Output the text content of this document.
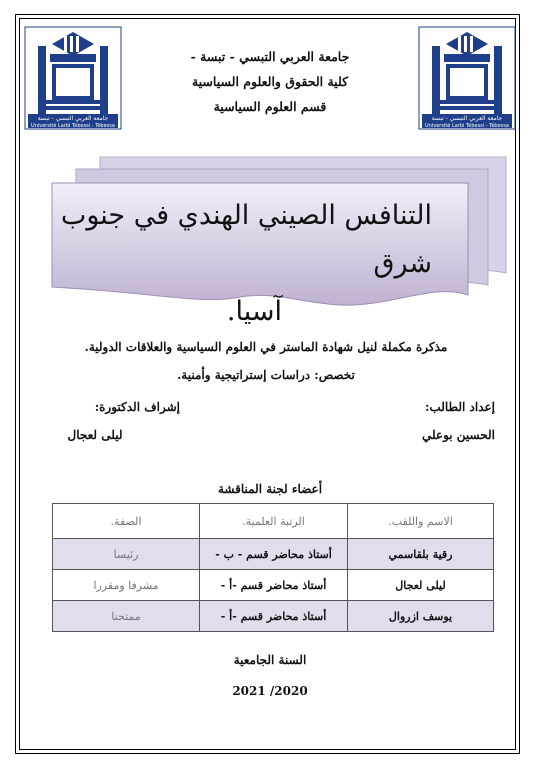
جامعة العربي التبسي - تبسة
Université Larbi Tébessi - Tébessa
جامعة العربي التبسي - تبسة
Université Larbi Tébessi - Tébessa
جامعة العربي التبسي - تبسة -
كلية الحقوق والعلوم السياسية
قسم العلوم السياسية
التنافس الصيني الهندي في جنوب شرق
آسيا.
مذكرة مكملة لنيل شهادة الماستر في العلوم السياسية والعلاقات الدولية.
تخصص: دراسات إستراتيجية وأمنية.
إعداد الطالب:
الحسين بوعلي
إشراف الدكتورة:
ليلى لعجال
أعضاء لجنة المناقشة
الاسم واللقب.	الرتبة العلمية.	الصفة.
رقية بلقاسمي	أستاذ محاضر قسم - ب -	رئيسا
ليلى لعجال	أستاذ محاضر قسم -أ -	مشرفا ومقررا
يوسف ازروال	أستاذ محاضر قسم -أ -	ممتحنا
السنة الجامعية
2021 /2020
